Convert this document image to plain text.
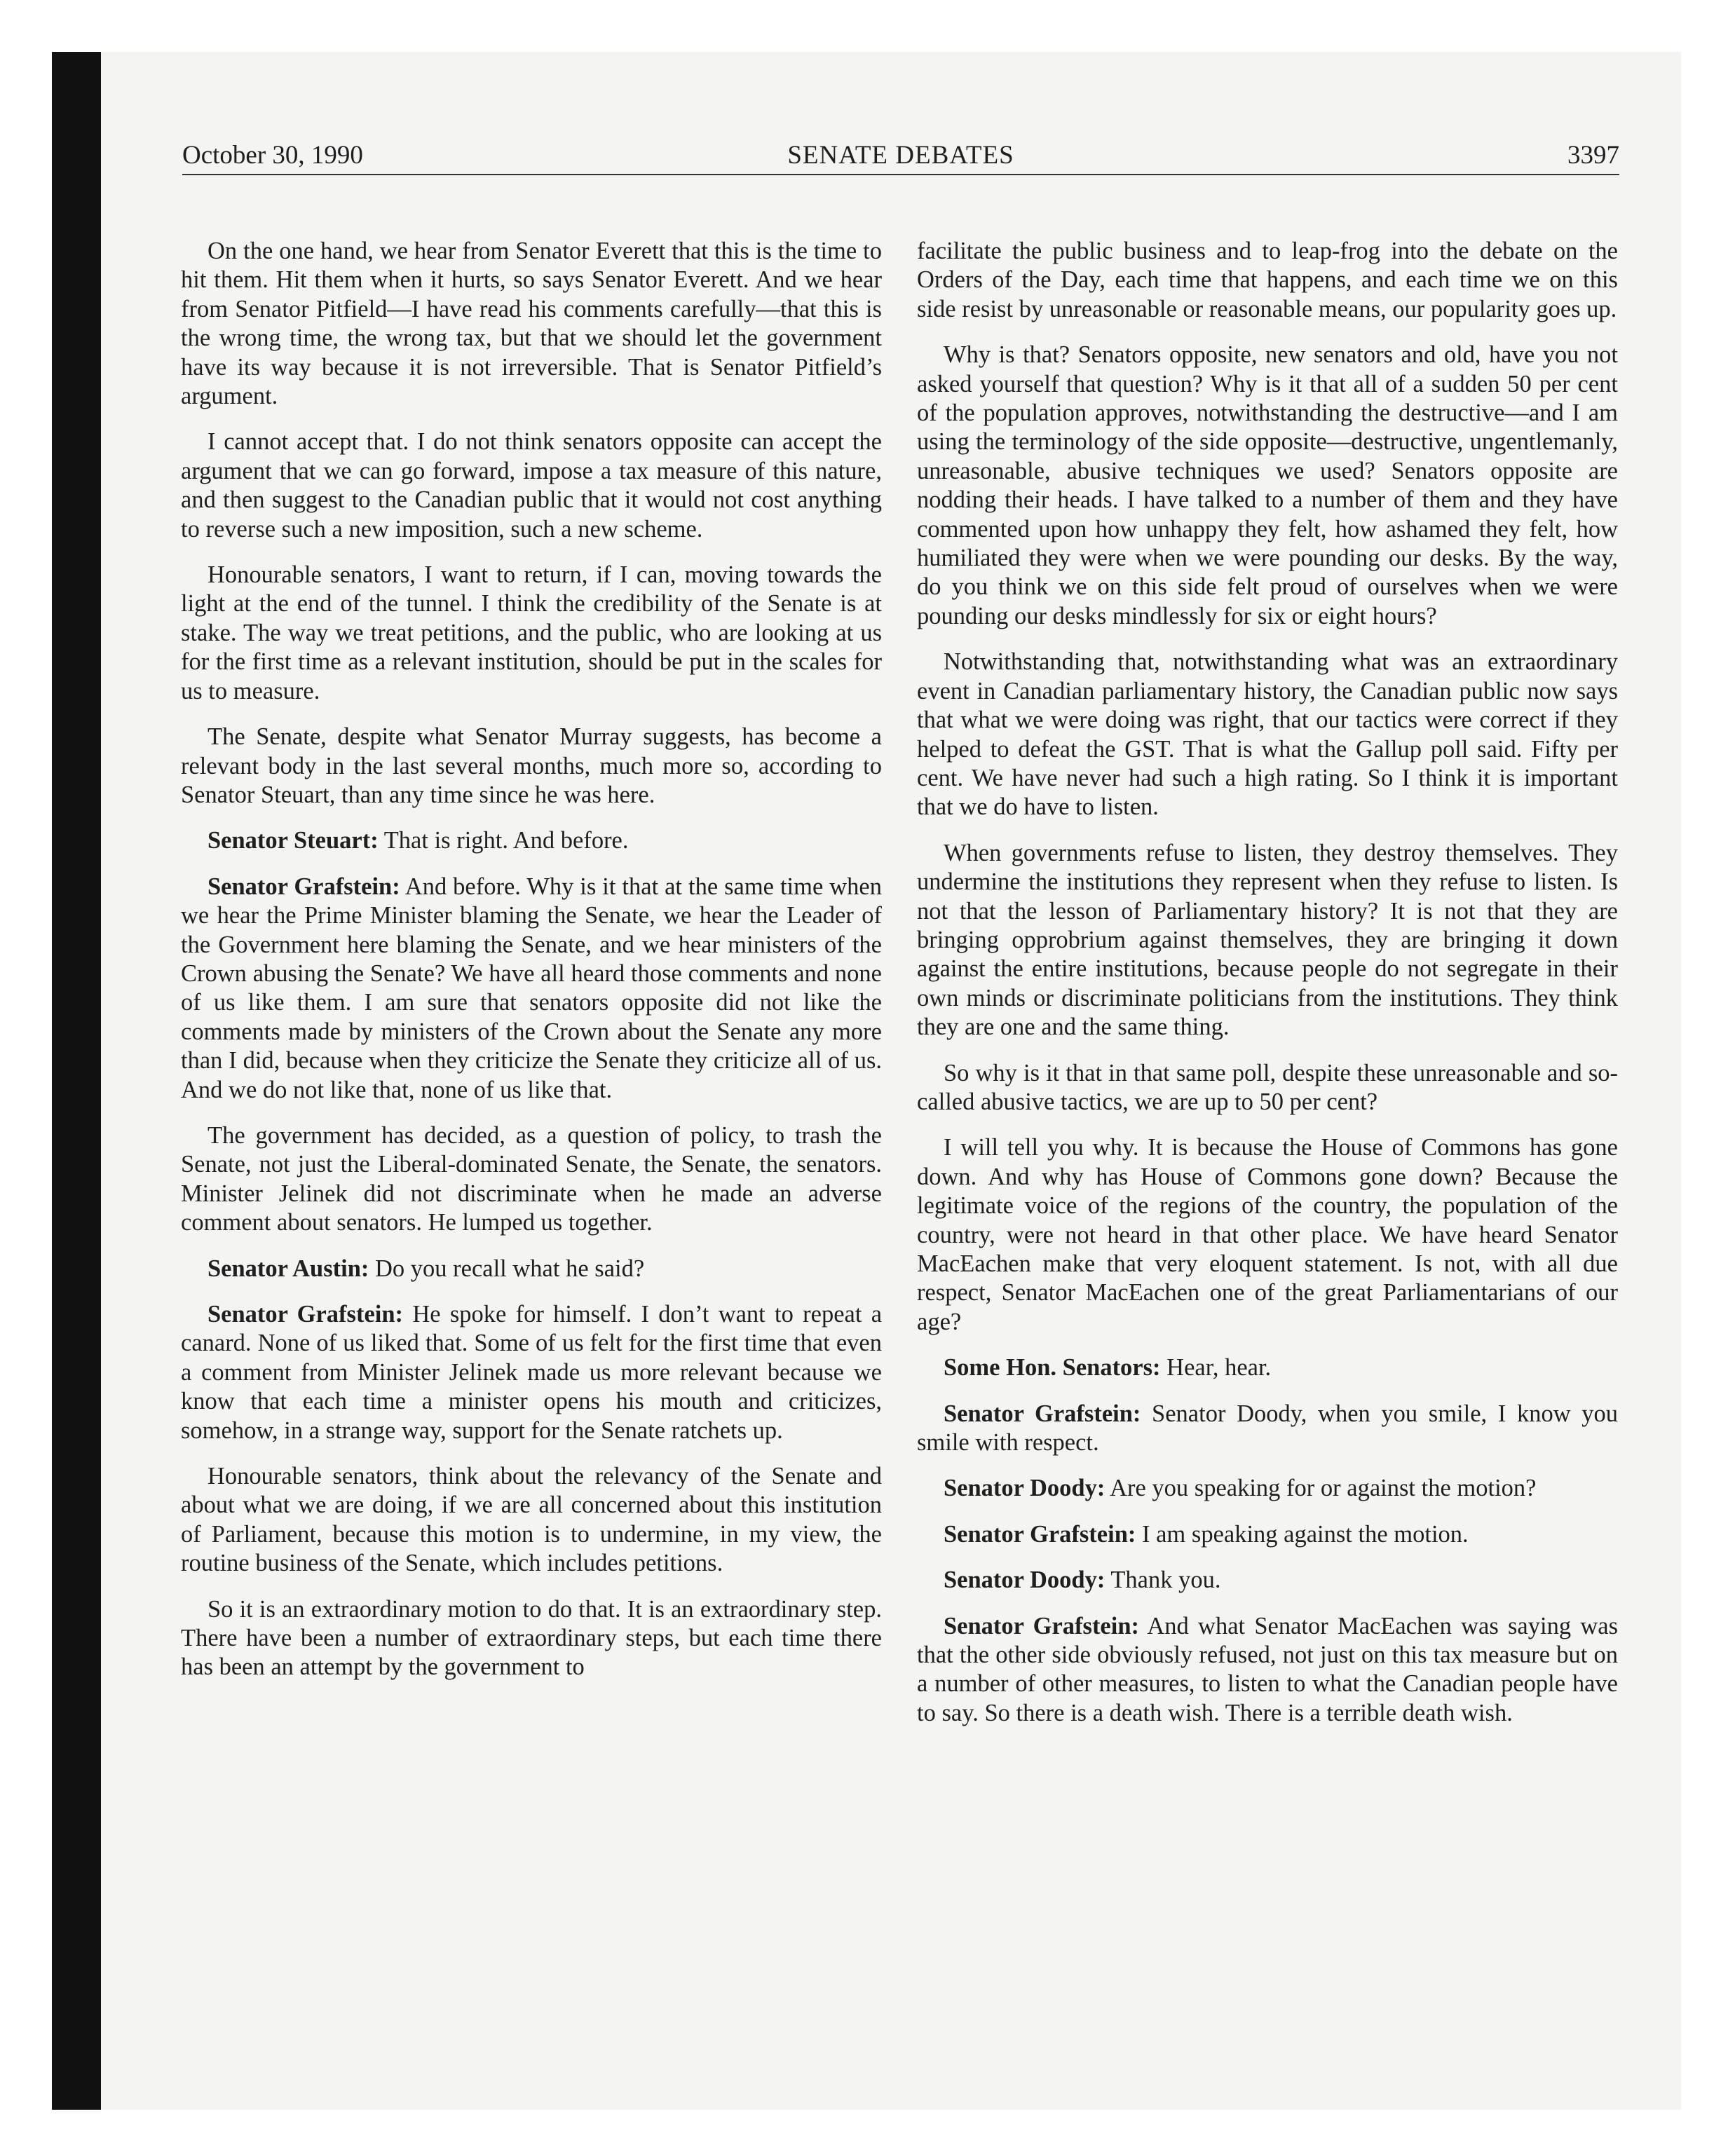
October 30, 1990	SENATE DEBATES	3397

On the one hand, we hear from Senator Everett that this is the time to hit them. Hit them when it hurts, so says Senator Everett. And we hear from Senator Pitfield—I have read his comments carefully—that this is the wrong time, the wrong tax, but that we should let the government have its way because it is not irreversible. That is Senator Pitfield’s argument.

I cannot accept that. I do not think senators opposite can accept the argument that we can go forward, impose a tax measure of this nature, and then suggest to the Canadian public that it would not cost anything to reverse such a new imposition, such a new scheme.

Honourable senators, I want to return, if I can, moving towards the light at the end of the tunnel. I think the credibility of the Senate is at stake. The way we treat petitions, and the public, who are looking at us for the first time as a relevant institution, should be put in the scales for us to measure.

The Senate, despite what Senator Murray suggests, has become a relevant body in the last several months, much more so, according to Senator Steuart, than any time since he was here.

Senator Steuart: That is right. And before.

Senator Grafstein: And before. Why is it that at the same time when we hear the Prime Minister blaming the Senate, we hear the Leader of the Government here blaming the Senate, and we hear ministers of the Crown abusing the Senate? We have all heard those comments and none of us like them. I am sure that senators opposite did not like the comments made by ministers of the Crown about the Senate any more than I did, because when they criticize the Senate they criticize all of us. And we do not like that, none of us like that.

The government has decided, as a question of policy, to trash the Senate, not just the Liberal-dominated Senate, the Senate, the senators. Minister Jelinek did not discriminate when he made an adverse comment about senators. He lumped us together.

Senator Austin: Do you recall what he said?

Senator Grafstein: He spoke for himself. I don’t want to repeat a canard. None of us liked that. Some of us felt for the first time that even a comment from Minister Jelinek made us more relevant because we know that each time a minister opens his mouth and criticizes, somehow, in a strange way, support for the Senate ratchets up.

Honourable senators, think about the relevancy of the Senate and about what we are doing, if we are all concerned about this institution of Parliament, because this motion is to undermine, in my view, the routine business of the Senate, which includes petitions.

So it is an extraordinary motion to do that. It is an extraordinary step. There have been a number of extraordinary steps, but each time there has been an attempt by the government to

facilitate the public business and to leap-frog into the debate on the Orders of the Day, each time that happens, and each time we on this side resist by unreasonable or reasonable means, our popularity goes up.

Why is that? Senators opposite, new senators and old, have you not asked yourself that question? Why is it that all of a sudden 50 per cent of the population approves, notwithstanding the destructive—and I am using the terminology of the side opposite—destructive, ungentlemanly, unreasonable, abusive techniques we used? Senators opposite are nodding their heads. I have talked to a number of them and they have commented upon how unhappy they felt, how ashamed they felt, how humiliated they were when we were pounding our desks. By the way, do you think we on this side felt proud of ourselves when we were pounding our desks mindlessly for six or eight hours?

Notwithstanding that, notwithstanding what was an extraordinary event in Canadian parliamentary history, the Canadian public now says that what we were doing was right, that our tactics were correct if they helped to defeat the GST. That is what the Gallup poll said. Fifty per cent. We have never had such a high rating. So I think it is important that we do have to listen.

When governments refuse to listen, they destroy themselves. They undermine the institutions they represent when they refuse to listen. Is not that the lesson of Parliamentary history? It is not that they are bringing opprobrium against themselves, they are bringing it down against the entire institutions, because people do not segregate in their own minds or discriminate politicians from the institutions. They think they are one and the same thing.

So why is it that in that same poll, despite these unreasonable and so-called abusive tactics, we are up to 50 per cent?

I will tell you why. It is because the House of Commons has gone down. And why has House of Commons gone down? Because the legitimate voice of the regions of the country, the population of the country, were not heard in that other place. We have heard Senator MacEachen make that very eloquent statement. Is not, with all due respect, Senator MacEachen one of the great Parliamentarians of our age?

Some Hon. Senators: Hear, hear.

Senator Grafstein: Senator Doody, when you smile, I know you smile with respect.

Senator Doody: Are you speaking for or against the motion?

Senator Grafstein: I am speaking against the motion.

Senator Doody: Thank you.

Senator Grafstein: And what Senator MacEachen was saying was that the other side obviously refused, not just on this tax measure but on a number of other measures, to listen to what the Canadian people have to say. So there is a death wish. There is a terrible death wish.
